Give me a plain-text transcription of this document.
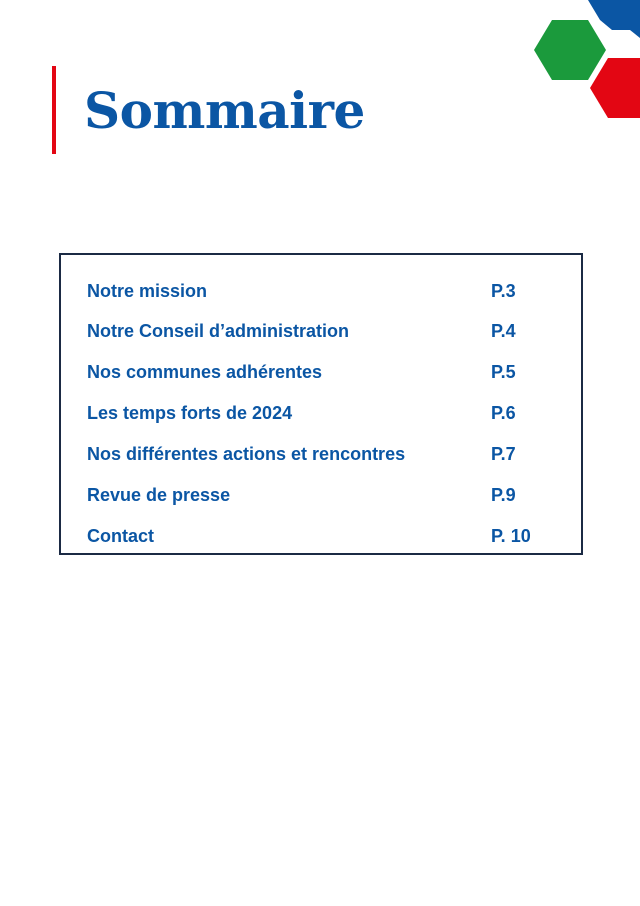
Sommaire
Notre mission	P.3
Notre Conseil d’administration	P.4
Nos communes adhérentes	P.5
Les temps forts de 2024	P.6
Nos différentes actions et rencontres	P.7
Revue de presse	P.9
Contact	P. 10
